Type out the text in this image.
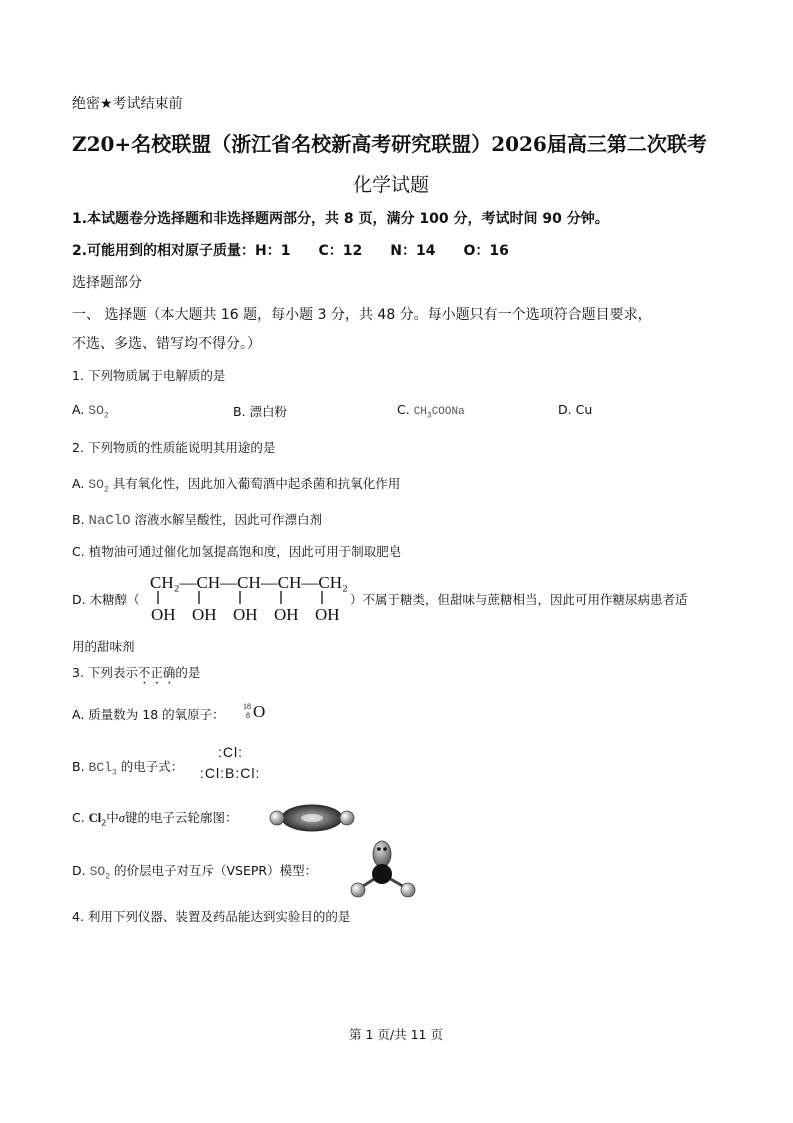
绝密★考试结束前
Z20+名校联盟（浙江省名校新高考研究联盟）2026届高三第二次联考
化学试题
1.本试题卷分选择题和非选择题两部分，共 8 页，满分 100 分，考试时间 90 分钟。
2.可能用到的相对原子质量：H：1　　C：12　　N：14　　O：16
选择题部分
一、 选择题（本大题共 16 题，每小题 3 分，共 48 分。每小题只有一个选项符合题目要求，
不选、多选、错写均不得分。）
1. 下列物质属于电解质的是
A. $SO_2$	B. 漂白粉	C. $CH_3COONa$	D. Cu
2. 下列物质的性质能说明其用途的是
A. $SO_2$ 具有氧化性，因此加入葡萄酒中起杀菌和抗氧化作用
B. NaClO 溶液水解呈酸性，因此可作漂白剂
C. 植物油可通过催化加氢提高饱和度，因此可用于制取肥皂
D. 木糖醇（
CH₂—CH—CH—CH—CH₂
OH OH OH OH OH
）不属于糖类，但甜味与蔗糖相当，因此可用作糖尿病患者适
用的甜味剂
3. 下列表示不正确的是
A. 质量数为 18 的氧原子：
18
8 O
B. BCl$_3$ 的电子式：
:Cl:
:Cl:B:Cl:
C. $Cl_2$中σ键的电子云轮廓图：
D. $SO_2$ 的价层电子对互斥（VSEPR）模型：
4. 利用下列仪器、装置及药品能达到实验目的的是
第 1 页/共 11 页
